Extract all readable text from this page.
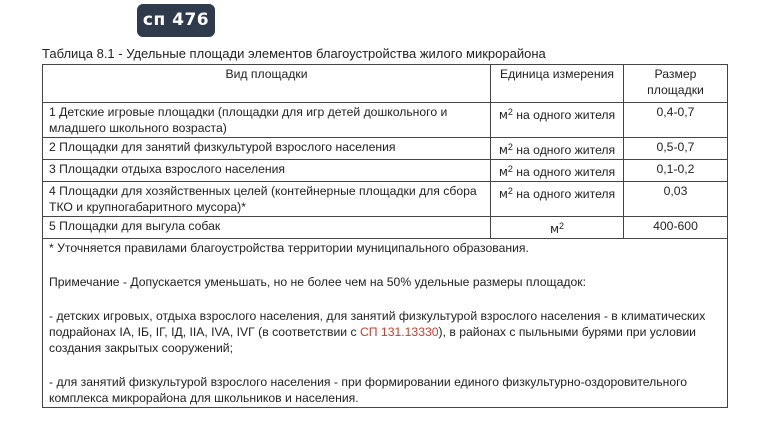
сп 476
Таблица 8.1 - Удельные площади элементов благоустройства жилого микрорайона
Вид площадки	Единица измерения	Размер площадки
1 Детские игровые площадки (площадки для игр детей дошкольного и младшего школьного возраста)	$м^2$ на одного жителя	0,4-0,7
2 Площадки для занятий физкультурой взрослого населения	$м^2$ на одного жителя	0,5-0,7
3 Площадки отдыха взрослого населения	$м^2$ на одного жителя	0,1-0,2
4 Площадки для хозяйственных целей (контейнерные площадки для сбора ТКО и крупногабаритного мусора)*	$м^2$ на одного жителя	0,03
5 Площадки для выгула собак	$м^2$	400-600

* Уточняется правилами благоустройства территории муниципального образования.

Примечание - Допускается уменьшать, но не более чем на 50% удельные размеры площадок:

- детских игровых, отдыха взрослого населения, для занятий физкультурой взрослого населения - в климатических подрайонах IA, IБ, IГ, IД, IIA, IVA, IVГ (в соответствии с СП 131.13330), в районах с пыльными бурями при условии создания закрытых сооружений;

- для занятий физкультурой взрослого населения - при формировании единого физкультурно-оздоровительного комплекса микрорайона для школьников и населения.		
